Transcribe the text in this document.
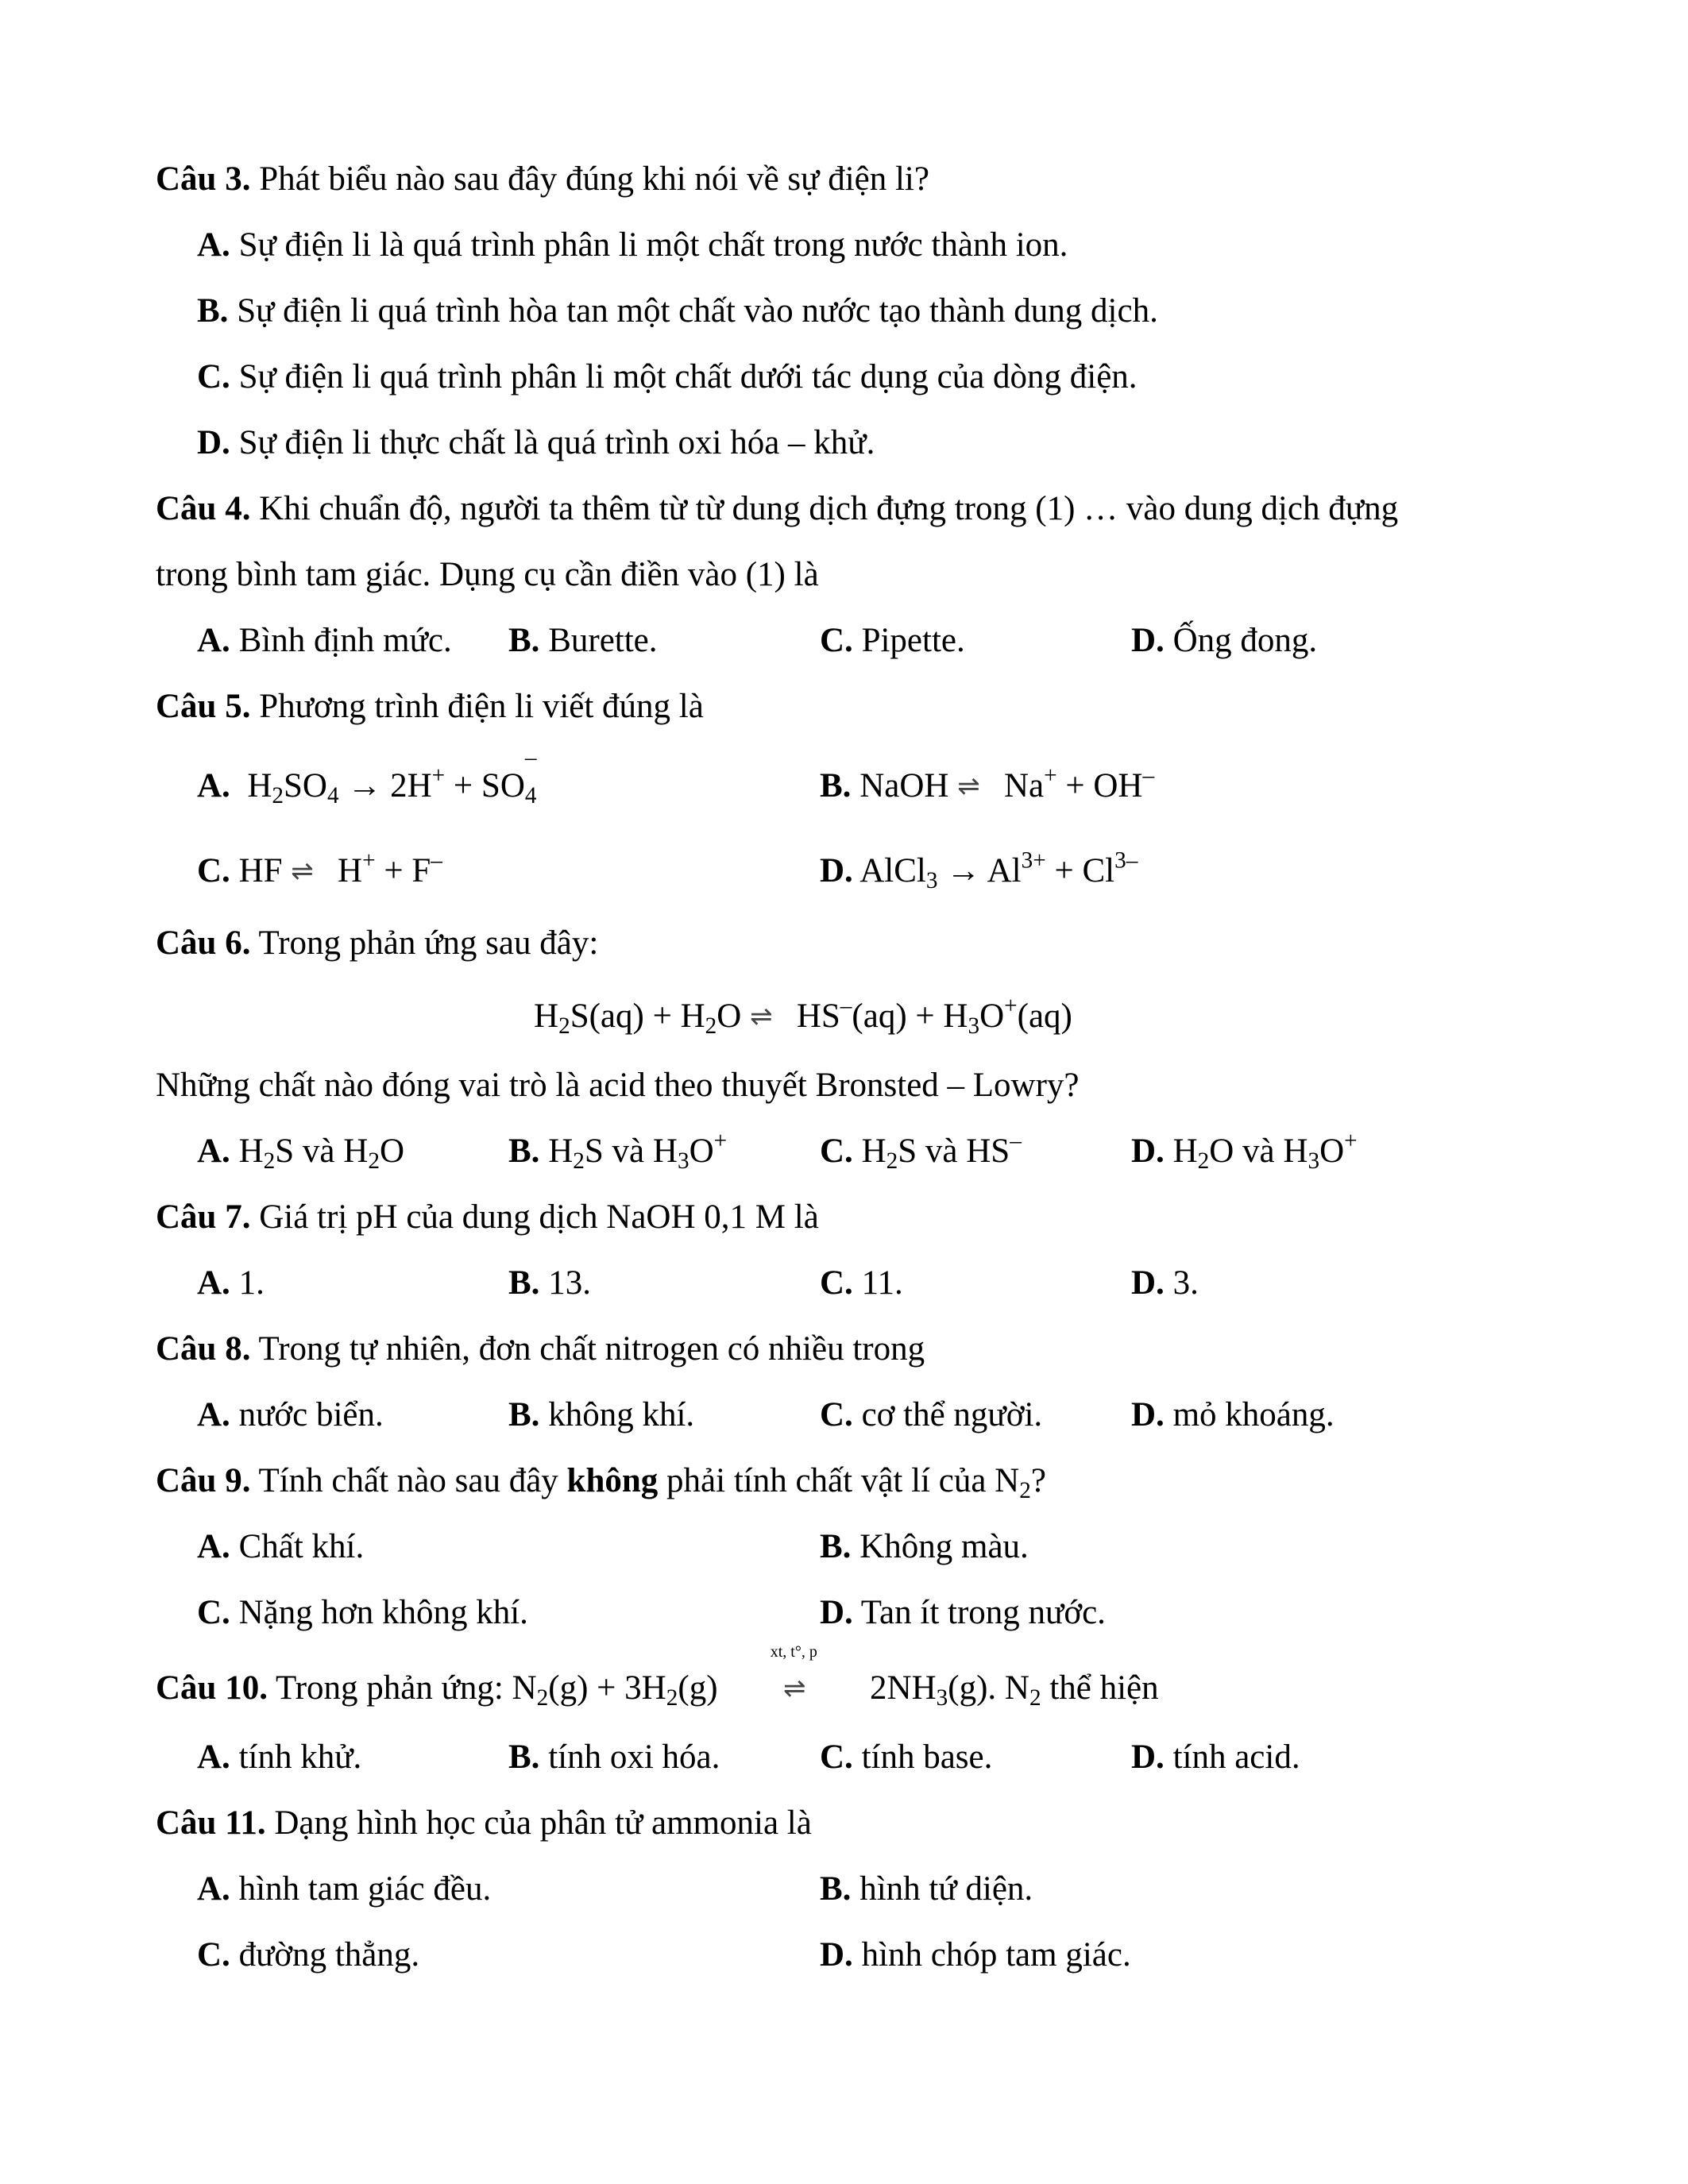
Câu 3. Phát biểu nào sau đây đúng khi nói về sự điện li?
A. Sự điện li là quá trình phân li một chất trong nước thành ion.
B. Sự điện li quá trình hòa tan một chất vào nước tạo thành dung dịch.
C. Sự điện li quá trình phân li một chất dưới tác dụng của dòng điện.
D. Sự điện li thực chất là quá trình oxi hóa – khử.
Câu 4. Khi chuẩn độ, người ta thêm từ từ dung dịch đựng trong (1) … vào dung dịch đựng
trong bình tam giác. Dụng cụ cần điền vào (1) là
A. Bình định mức. B. Burette.	C. Pipette.	D. Ống đong.
Câu 5. Phương trình điện li viết đúng là
A. $H_2SO_4 \to 2H^+$ + SO
–
$_4$	B. NaOH ⇌ Na+ + OH–
C. HF ⇌ H+ + F–	D. AlCl$_3$ → $Al^{3+} + Cl^{3-}$
Câu 6. Trong phản ứng sau đây:
$H_2S(aq) + H_2O$ ⇌ $HS^-(aq) + H_3O^+(aq)$
Những chất nào đóng vai trò là acid theo thuyết Bronsted – Lowry?
A. $H_2S$ và $H_2O$	B. $H_2S$ và $H_3O^+$	C. $H_2S$ và HS–	D. $H_2O$ và $H_3O^+$
Câu 7. Giá trị pH của dung dịch NaOH 0,1 M là
A. 1.	B. 13.	C. 11.	D. 3.
Câu 8. Trong tự nhiên, đơn chất nitrogen có nhiều trong
A. nước biển.	B. không khí.	C. cơ thể người.	D. mỏ khoáng.
Câu 9. Tính chất nào sau đây không phải tính chất vật lí của $N_2$?
A. Chất khí.	B. Không màu.
C. Nặng hơn không khí.	D. Tan ít trong nước.
Câu 10. Trong phản ứng: $N_2(g) + 3H_2(g)$
xt, t°, p
⇌ $2NH_3(g)$. $N_2$ thể hiện
A. tính khử.	B. tính oxi hóa.	C. tính base.	D. tính acid.
Câu 11. Dạng hình học của phân tử ammonia là
A. hình tam giác đều.	B. hình tứ diện.
C. đường thẳng.	D. hình chóp tam giác.
